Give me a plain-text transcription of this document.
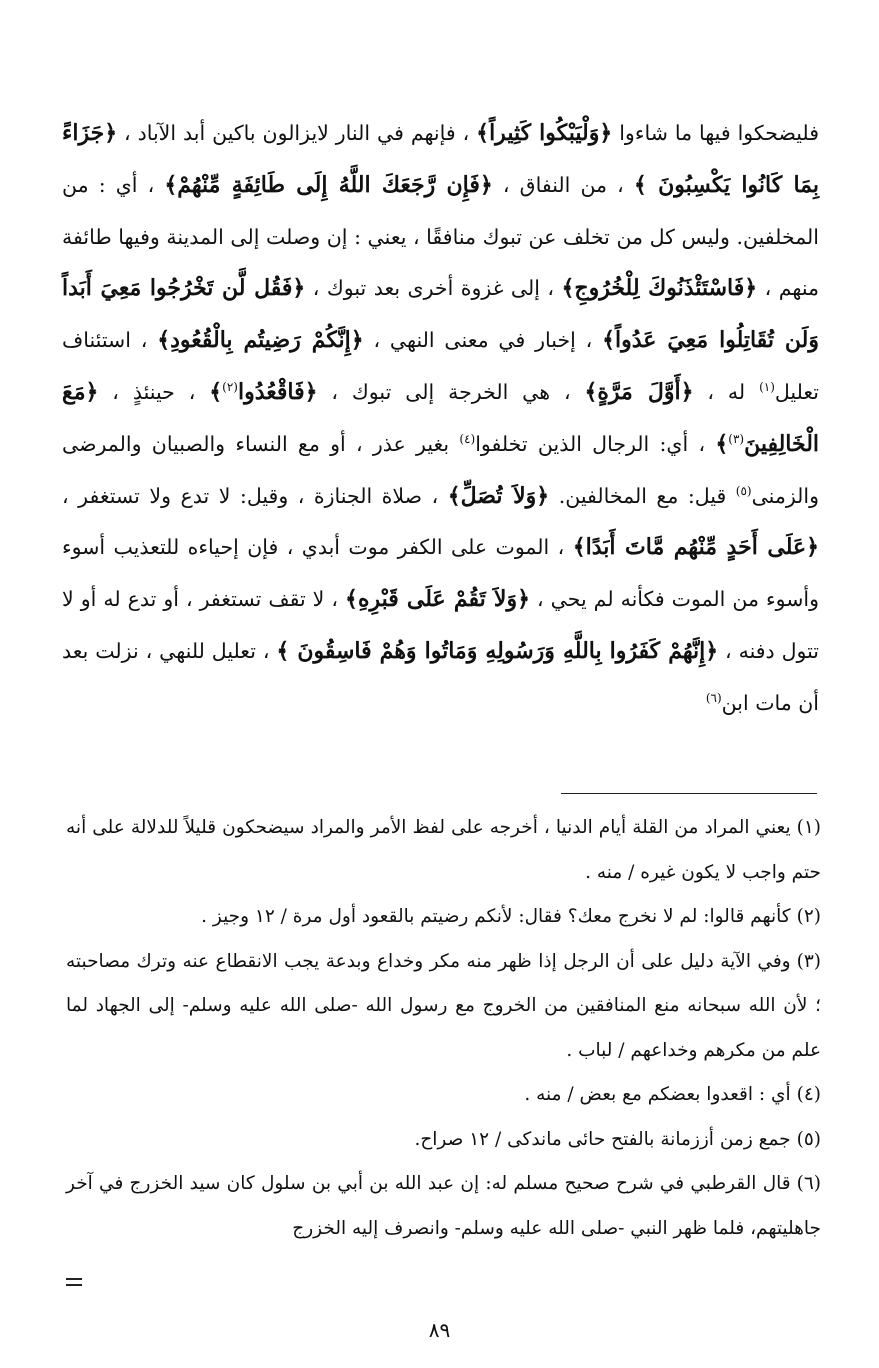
فليضحكوا فيها ما شاءوا ﴿وَلْيَبْكُوا كَثِيراً﴾ ، فإنهم في النار لايزالون باكين أبد الآباد ، ﴿جَزَاءً بِمَا كَانُوا يَكْسِبُونَ ﴾ ، من النفاق ، ﴿فَإِن رَّجَعَكَ اللَّهُ إِلَى طَائِفَةٍ مِّنْهُمْ﴾ ، أي : من المخلفين. وليس كل من تخلف عن تبوك منافقًا ، يعني : إن وصلت إلى المدينة وفيها طائفة منهم ، ﴿فَاسْتَئْذَنُوكَ لِلْخُرُوجِ﴾ ، إلى غزوة أخرى بعد تبوك ، ﴿فَقُل لَّن تَخْرُجُوا مَعِيَ أَبَداً وَلَن تُقَاتِلُوا مَعِيَ عَدُواً﴾ ، إخبار في معنى النهي ، ﴿إِنَّكُمْ رَضِيتُم بِالْقُعُودِ﴾ ، استئناف تعليل$^{(١)}$ له ، ﴿أَوَّلَ مَرَّةٍ﴾ ، هي الخرجة إلى تبوك ، ﴿فَاقْعُدُوا$^{(٢)}$﴾ ، حينئذٍ ، ﴿مَعَ الْخَالِفِينَ$^{(٣)}$﴾ ، أي: الرجال الذين تخلفوا$^{(٤)}$ بغير عذر ، أو مع النساء والصبيان والمرضى والزمنى$^{(٥)}$ قيل: مع المخالفين. ﴿وَلاَ تُصَلِّ﴾ ، صلاة الجنازة ، وقيل: لا تدع ولا تستغفر ، ﴿عَلَى أَحَدٍ مِّنْهُم مَّاتَ أَبَدًا﴾ ، الموت على الكفر موت أبدي ، فإن إحياءه للتعذيب أسوء وأسوء من الموت فكأنه لم يحي ، ﴿وَلاَ تَقُمْ عَلَى قَبْرِهِ﴾ ، لا تقف تستغفر ، أو تدع له أو لا تتول دفنه ، ﴿إِنَّهُمْ كَفَرُوا بِاللَّهِ وَرَسُولِهِ وَمَاتُوا وَهُمْ فَاسِقُونَ ﴾ ، تعليل للنهي ، نزلت بعد أن مات ابن$^{(٦)}$

(١)يعني المراد من القلة أيام الدنيا ، أخرجه على لفظ الأمر والمراد سيضحكون قليلاً للدلالة على أنه حتم واجب لا يكون غيره / منه .

(٢)كأنهم قالوا: لم لا نخرج معك؟ فقال: لأنكم رضيتم بالقعود أول مرة / ١٢ وجيز .

(٣)وفي الآية دليل على أن الرجل إذا ظهر منه مكر وخداع وبدعة يجب الانقطاع عنه وترك مصاحبته ؛ لأن الله سبحانه منع المنافقين من الخروج مع رسول الله -صلى الله عليه وسلم- إلى الجهاد لما علم من مكرهم وخداعهم / لباب .

(٤)أي : اقعدوا بعضكم مع بعض / منه .

(٥)جمع زمن أززمانة بالفتح حائى ماندكى / ١٢ صراح.

(٦)قال القرطبي في شرح صحيح مسلم له: إن عبد الله بن أبي بن سلول كان سيد الخزرج في آخر جاهليتهم، فلما ظهر النبي -صلى الله عليه وسلم- وانصرف إليه الخزرج

٨٩
